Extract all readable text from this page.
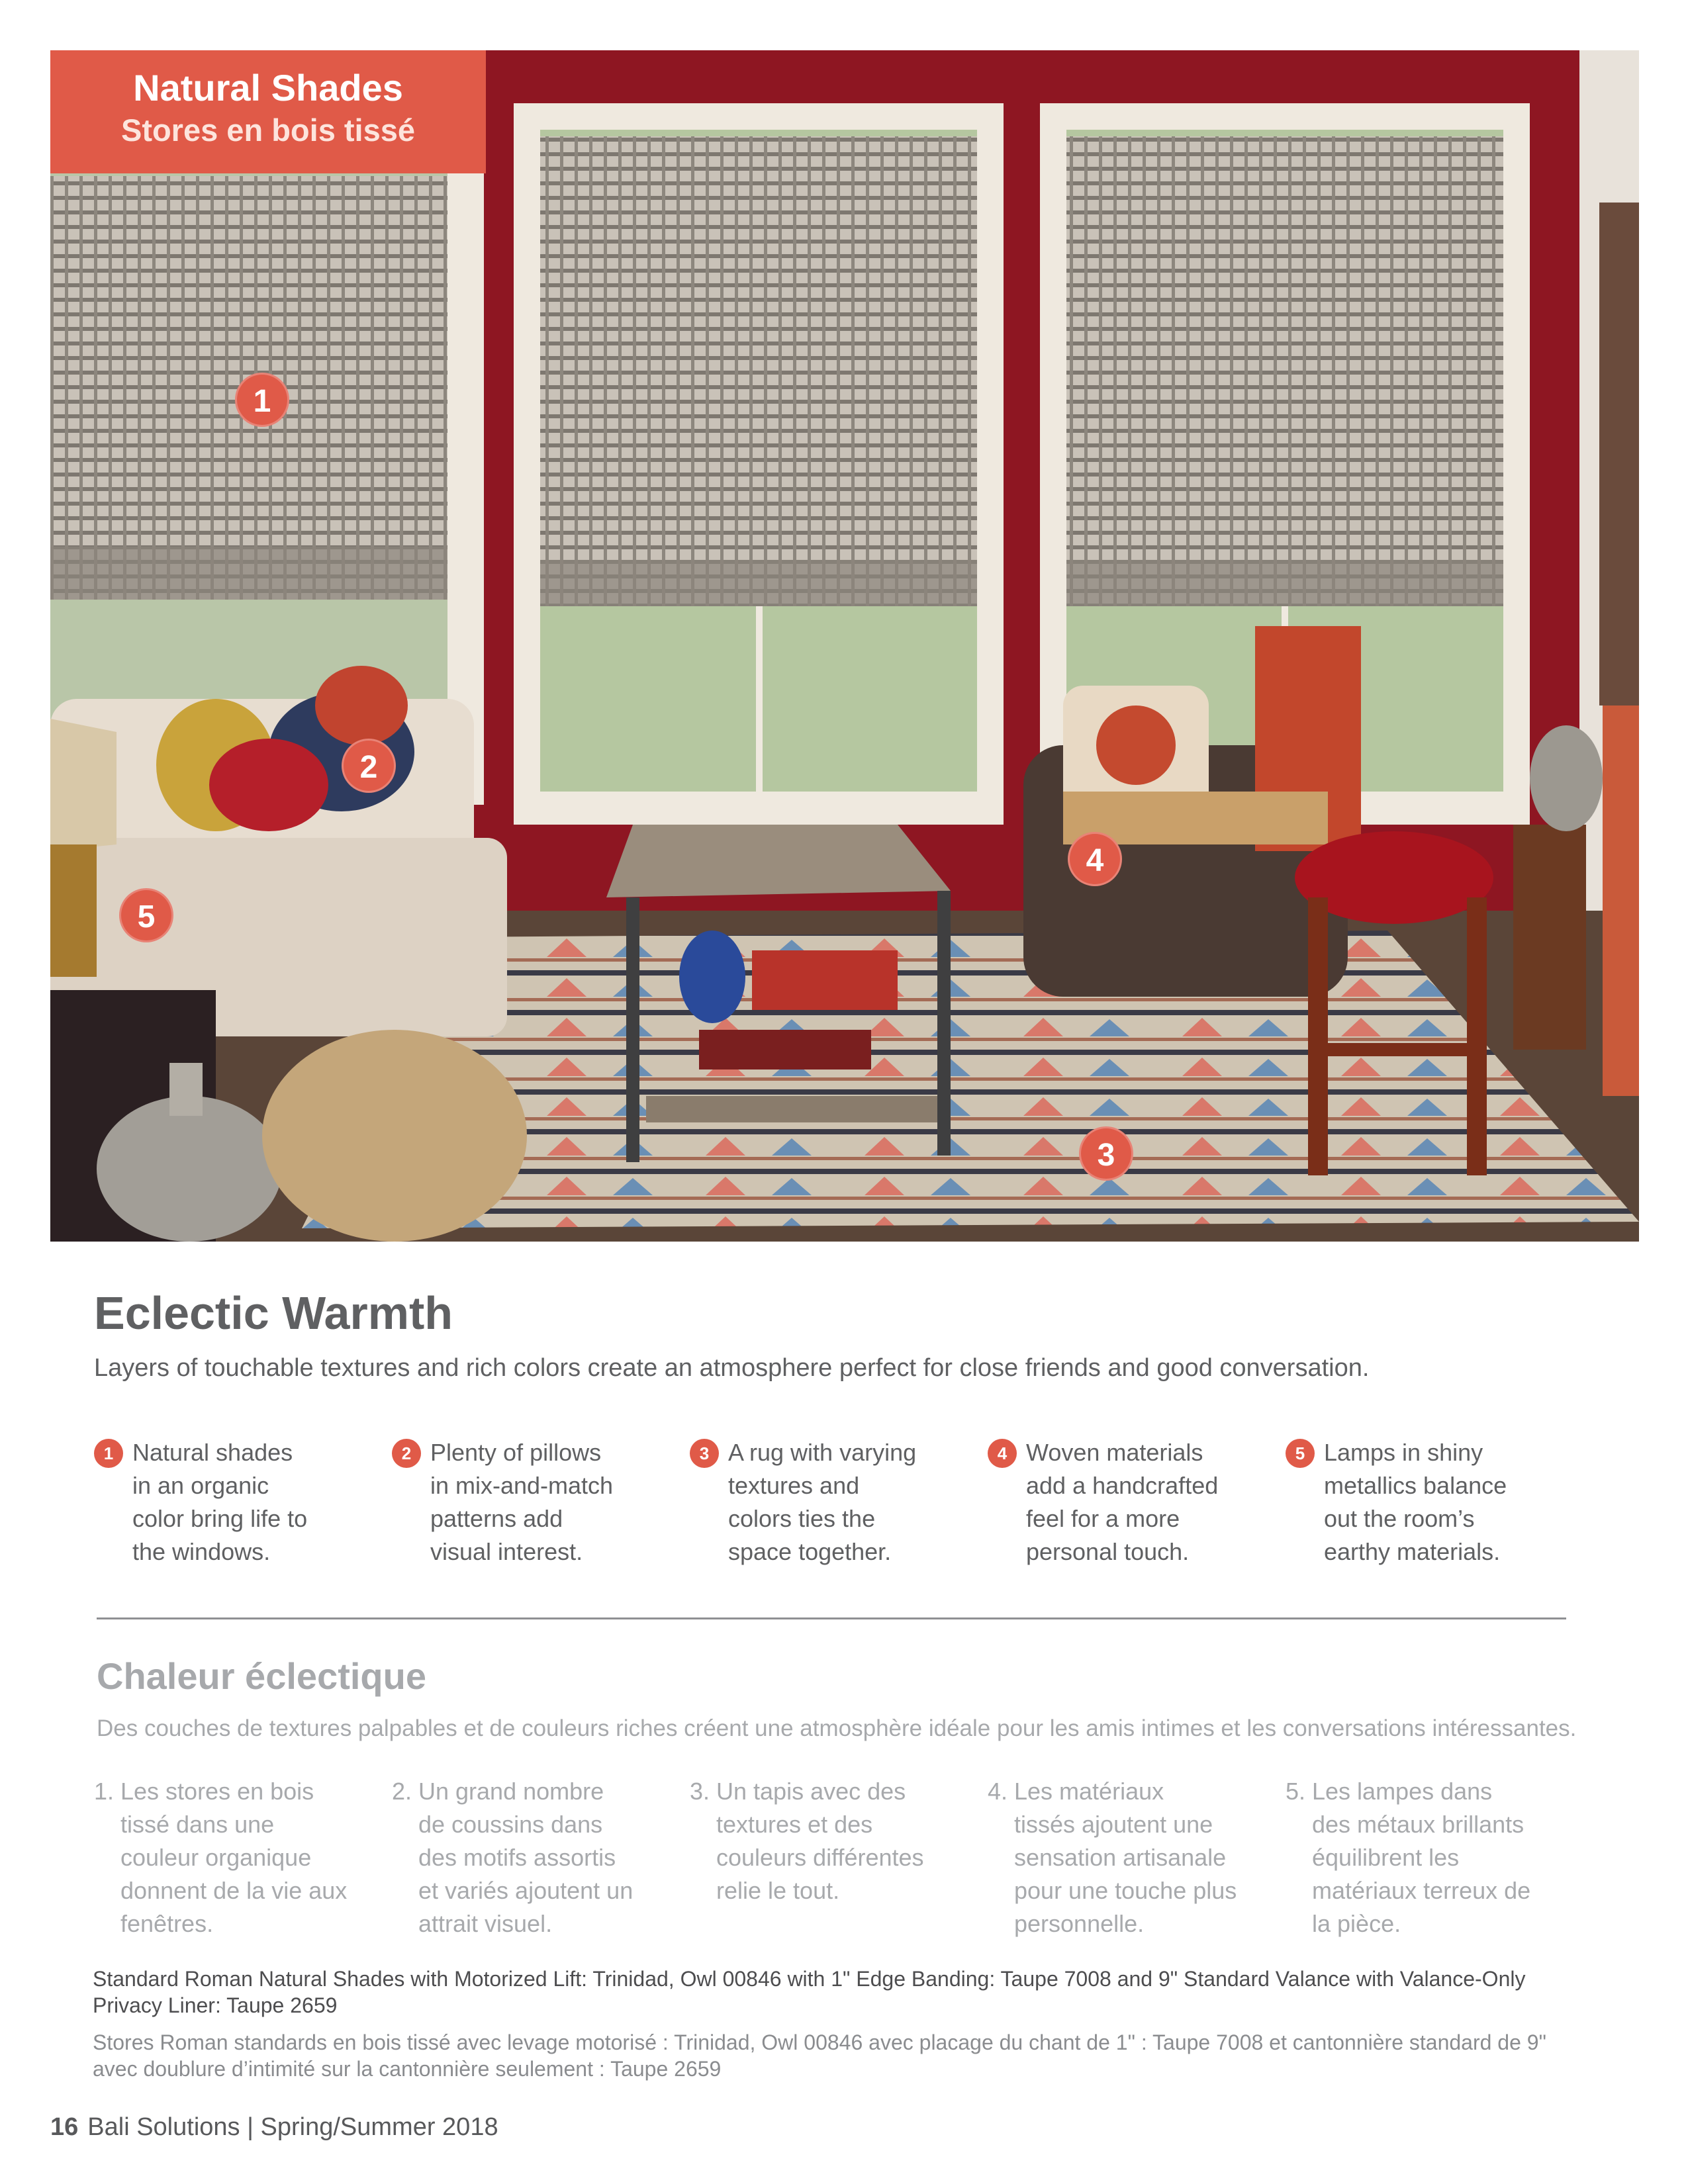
Natural Shades
Stores en bois tissé
1
2
3
4
5
Eclectic Warmth
Layers of touchable textures and rich colors create an atmosphere perfect for close friends and good conversation.
1 Natural shades

in an organic

color bring life to

the windows.

2 Plenty of pillows

in mix-and-match

patterns add

visual interest.

3 A rug with varying

textures and

colors ties the

space together.

4 Woven materials

add a handcrafted

feel for a more

personal touch.

5 Lamps in shiny

metallics balance

out the room’s

earthy materials.

Chaleur éclectique
Des couches de textures palpables et de couleurs riches créent une atmosphère idéale pour les amis intimes et les conversations intéressantes.
1. Les stores en bois

tissé dans une

couleur organique

donnent de la vie aux

fenêtres.

2. Un grand nombre

de coussins dans

des motifs assortis

et variés ajoutent un

attrait visuel.

3. Un tapis avec des

textures et des

couleurs différentes

relie le tout.

4. Les matériaux

tissés ajoutent une

sensation artisanale

pour une touche plus

personnelle.

5. Les lampes dans

des métaux brillants

équilibrent les

matériaux terreux de

la pièce.

Standard Roman Natural Shades with Motorized Lift: Trinidad, Owl 00846 with 1" Edge Banding: Taupe 7008 and 9" Standard Valance with Valance-Only Privacy Liner: Taupe 2659
Stores Roman standards en bois tissé avec levage motorisé : Trinidad, Owl 00846 avec placage du chant de 1" : Taupe 7008 et cantonnière standard de 9" avec doublure d’intimité sur la cantonnière seulement : Taupe 2659
16 Bali Solutions | Spring/Summer 2018
